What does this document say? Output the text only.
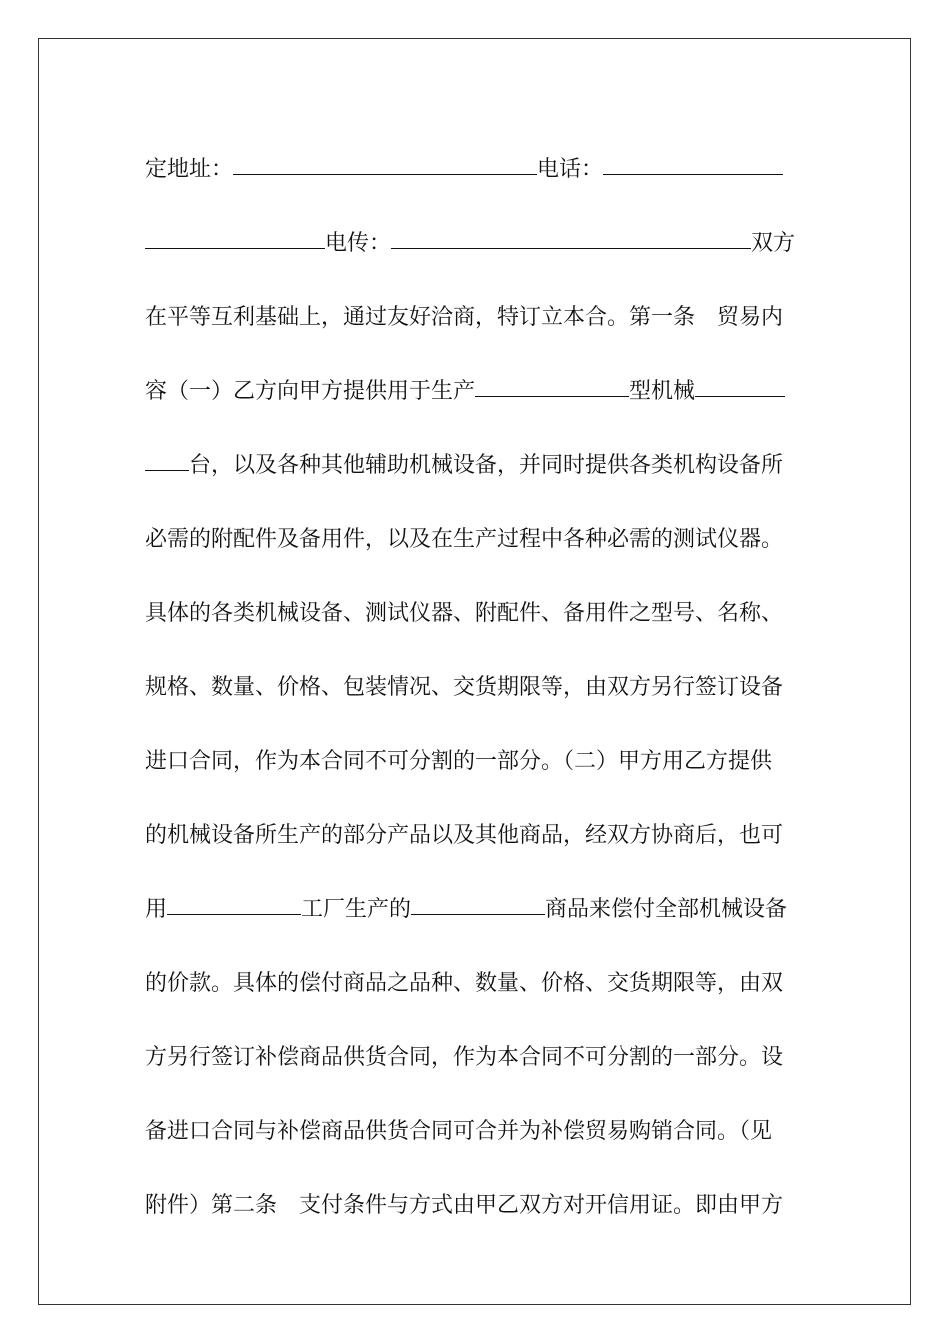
定地址：	电话：
电传：	双方
在平等互利基础上，通过友好洽商，特订立本合。第一条　贸易内
容（一）乙方向甲方提供用于生产	型机械
台，以及各种其他辅助机械设备，并同时提供各类机构设备所
必需的附配件及备用件，以及在生产过程中各种必需的测试仪器。
具体的各类机械设备、测试仪器、附配件、备用件之型号、名称、
规格、数量、价格、包装情况、交货期限等，由双方另行签订设备
进口合同，作为本合同不可分割的一部分。（二）甲方用乙方提供
的机械设备所生产的部分产品以及其他商品，经双方协商后，也可
用	工厂生产的	商品来偿付全部机械设备
的价款。具体的偿付商品之品种、数量、价格、交货期限等，由双
方另行签订补偿商品供货合同，作为本合同不可分割的一部分。设
备进口合同与补偿商品供货合同可合并为补偿贸易购销合同。（见
附件）第二条　支付条件与方式由甲乙双方对开信用证。即由甲方
